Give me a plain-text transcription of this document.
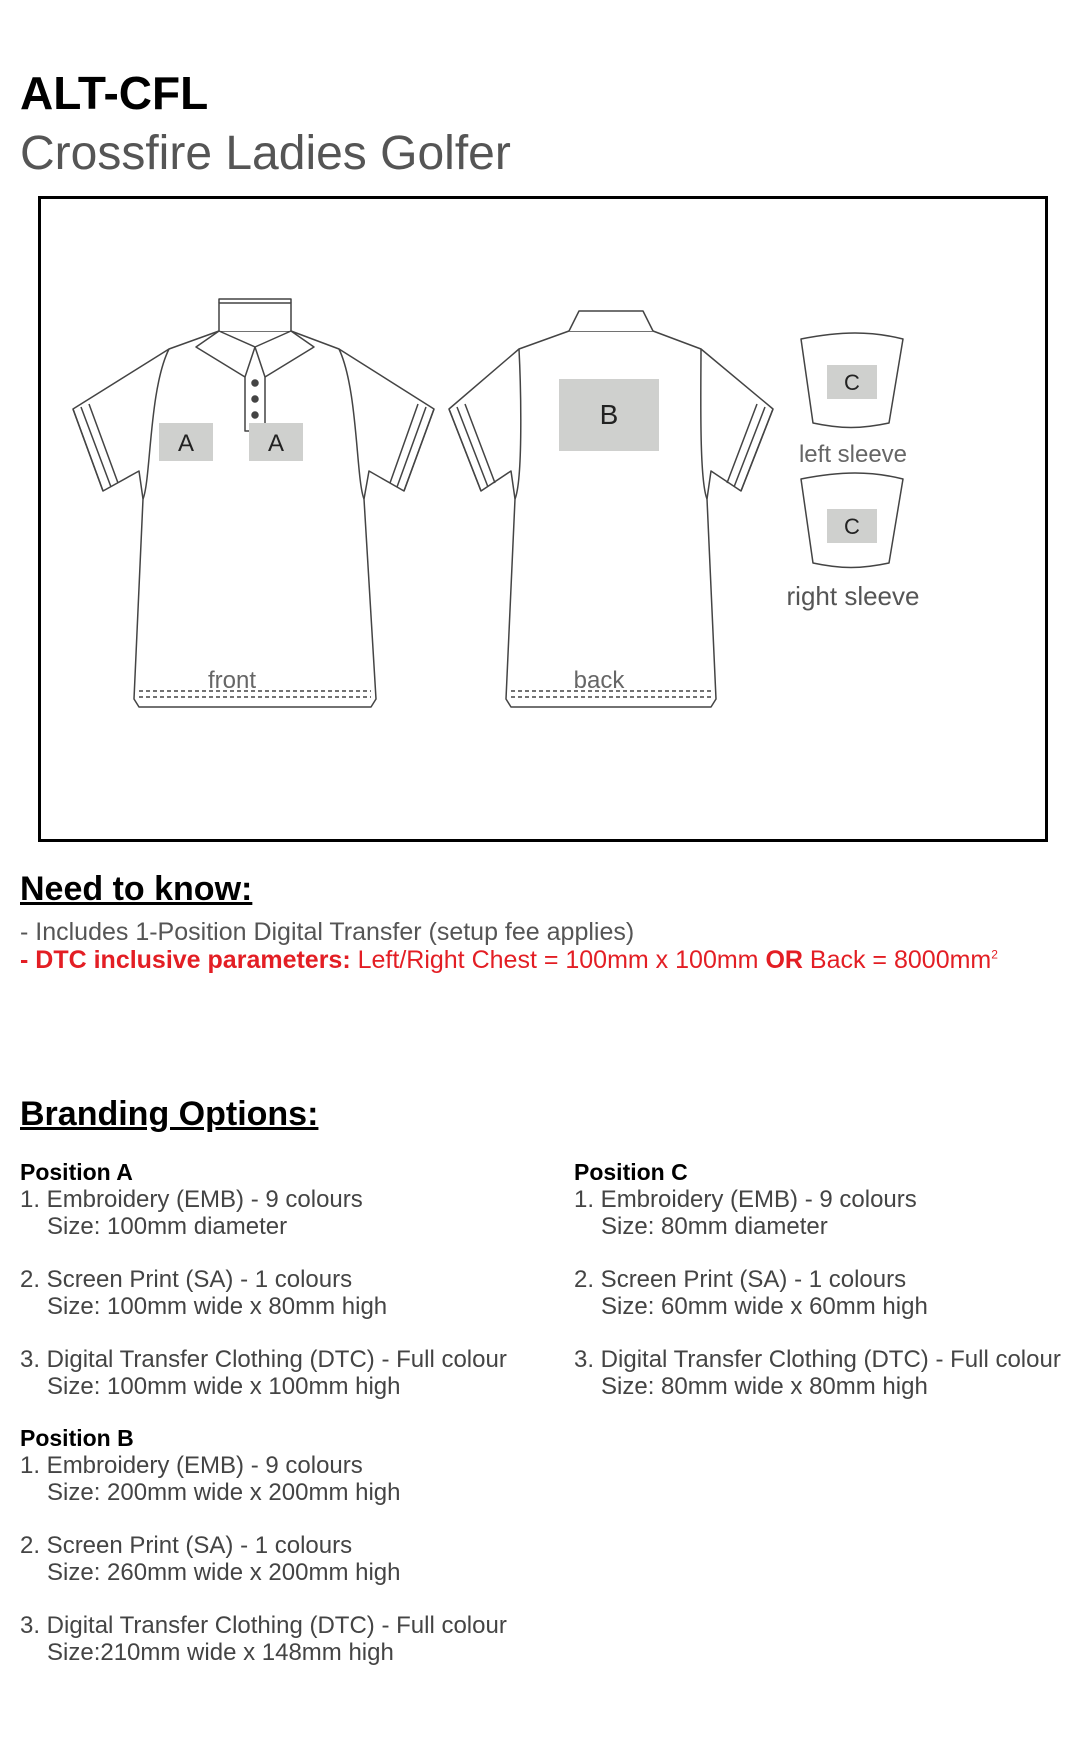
ALT-CFL
Crossfire Ladies Golfer
A	A
B
C
C
front	back
left sleeve
right sleeve
Need to know:
- Includes 1-Position Digital Transfer (setup fee applies)
- DTC inclusive parameters: Left/Right Chest = 100mm x 100mm OR Back = $8000mm^2$
Branding Options:
Position A
1. Embroidery (EMB) - 9 colours
Size: 100mm diameter
2. Screen Print (SA) - 1 colours
Size: 100mm wide x 80mm high
3. Digital Transfer Clothing (DTC) - Full colour
Size: 100mm wide x 100mm high
Position B
1. Embroidery (EMB) - 9 colours
Size: 200mm wide x 200mm high
2. Screen Print (SA) - 1 colours
Size: 260mm wide x 200mm high
3. Digital Transfer Clothing (DTC) - Full colour
Size:210mm wide x 148mm high
Position C
1. Embroidery (EMB) - 9 colours
Size: 80mm diameter
2. Screen Print (SA) - 1 colours
Size: 60mm wide x 60mm high
3. Digital Transfer Clothing (DTC) - Full colour
Size: 80mm wide x 80mm high
